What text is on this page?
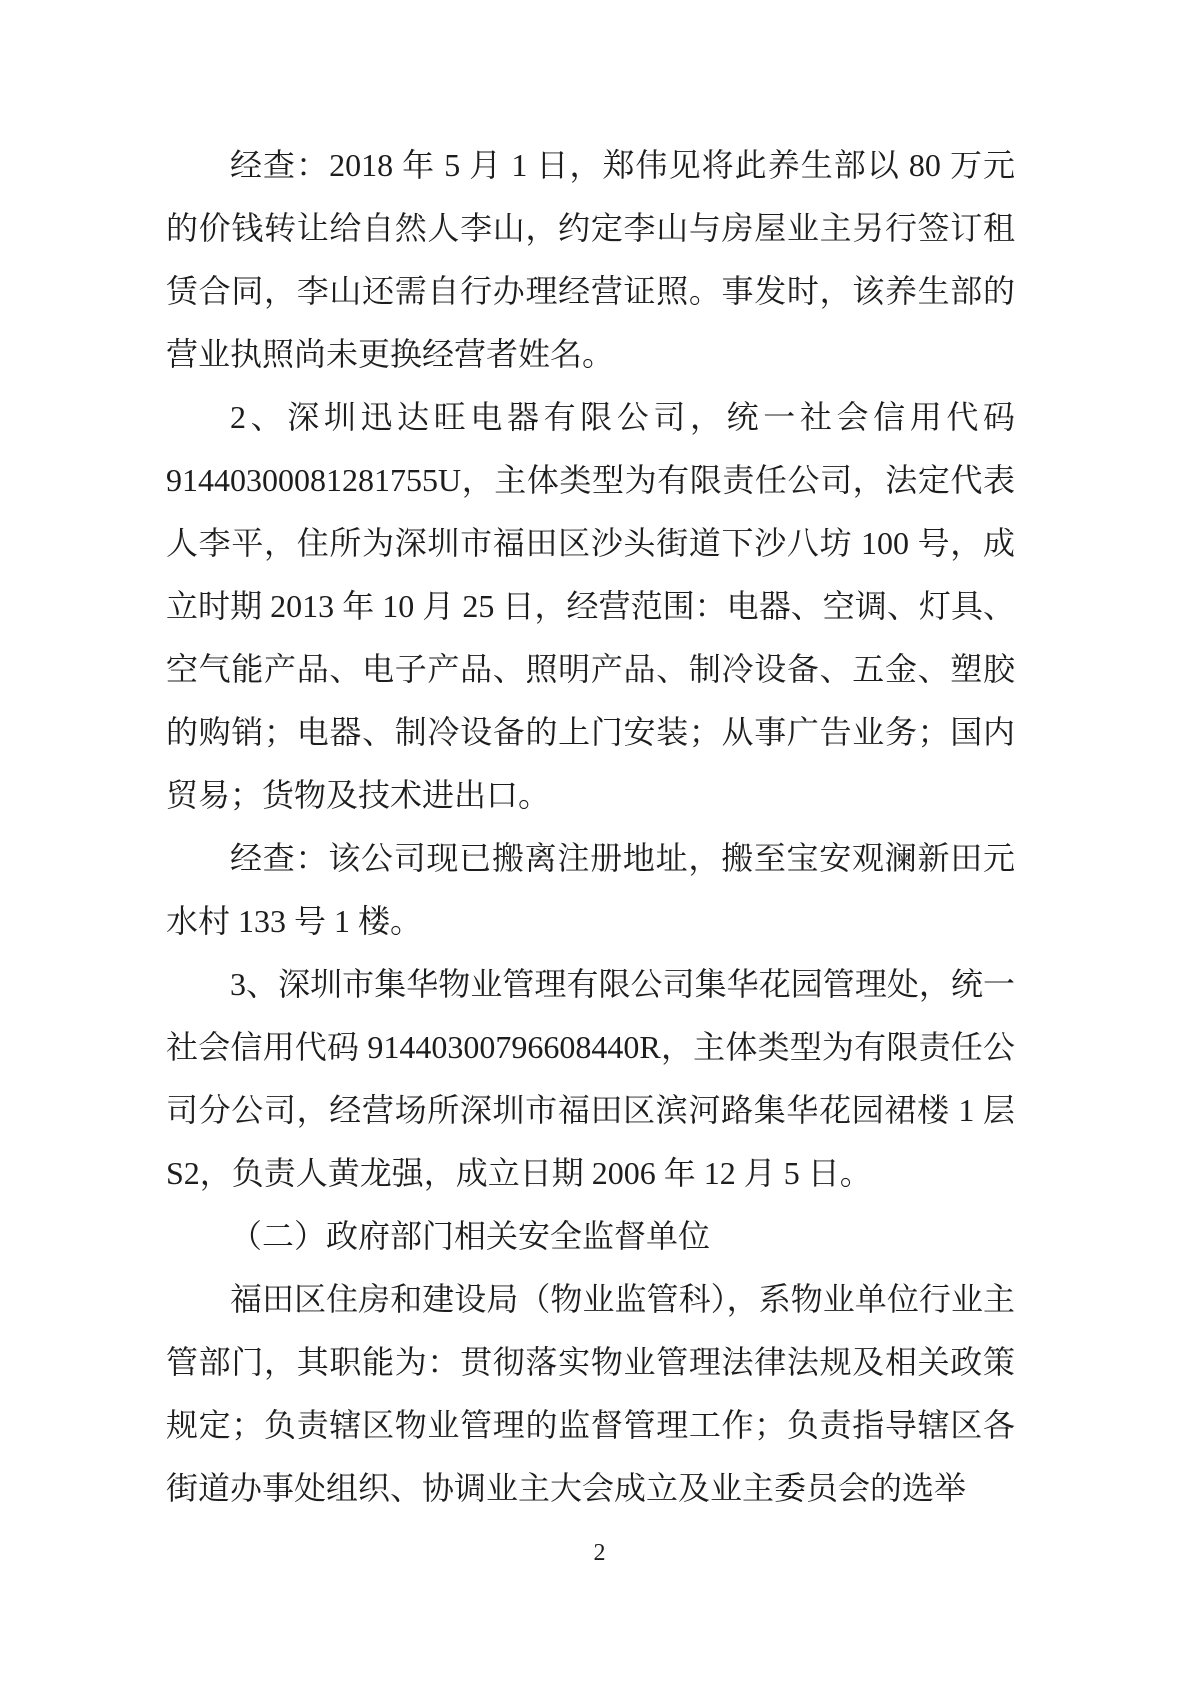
经查：2018 年 5 月 1 日，郑伟见将此养生部以 80 万元的价钱转让给自然人李山，约定李山与房屋业主另行签订租赁合同，李山还需自行办理经营证照。事发时，该养生部的营业执照尚未更换经营者姓名。

2、深圳迅达旺电器有限公司，统一社会信用代码 91440300081281755U，主体类型为有限责任公司，法定代表人李平，住所为深圳市福田区沙头街道下沙八坊 100 号，成立时期 2013 年 10 月 25 日，经营范围：电器、空调、灯具、空气能产品、电子产品、照明产品、制冷设备、五金、塑胶的购销；电器、制冷设备的上门安装；从事广告业务；国内贸易；货物及技术进出口。

经查：该公司现已搬离注册地址，搬至宝安观澜新田元水村 133 号 1 楼。

3、深圳市集华物业管理有限公司集华花园管理处，统一社会信用代码 91440300796608440R，主体类型为有限责任公司分公司，经营场所深圳市福田区滨河路集华花园裙楼 1 层 S2，负责人黄龙强，成立日期 2006 年 12 月 5 日。

（二）政府部门相关安全监督单位

福田区住房和建设局（物业监管科），系物业单位行业主管部门，其职能为：贯彻落实物业管理法律法规及相关政策规定；负责辖区物业管理的监督管理工作；负责指导辖区各街道办事处组织、协调业主大会成立及业主委员会的选举

2
